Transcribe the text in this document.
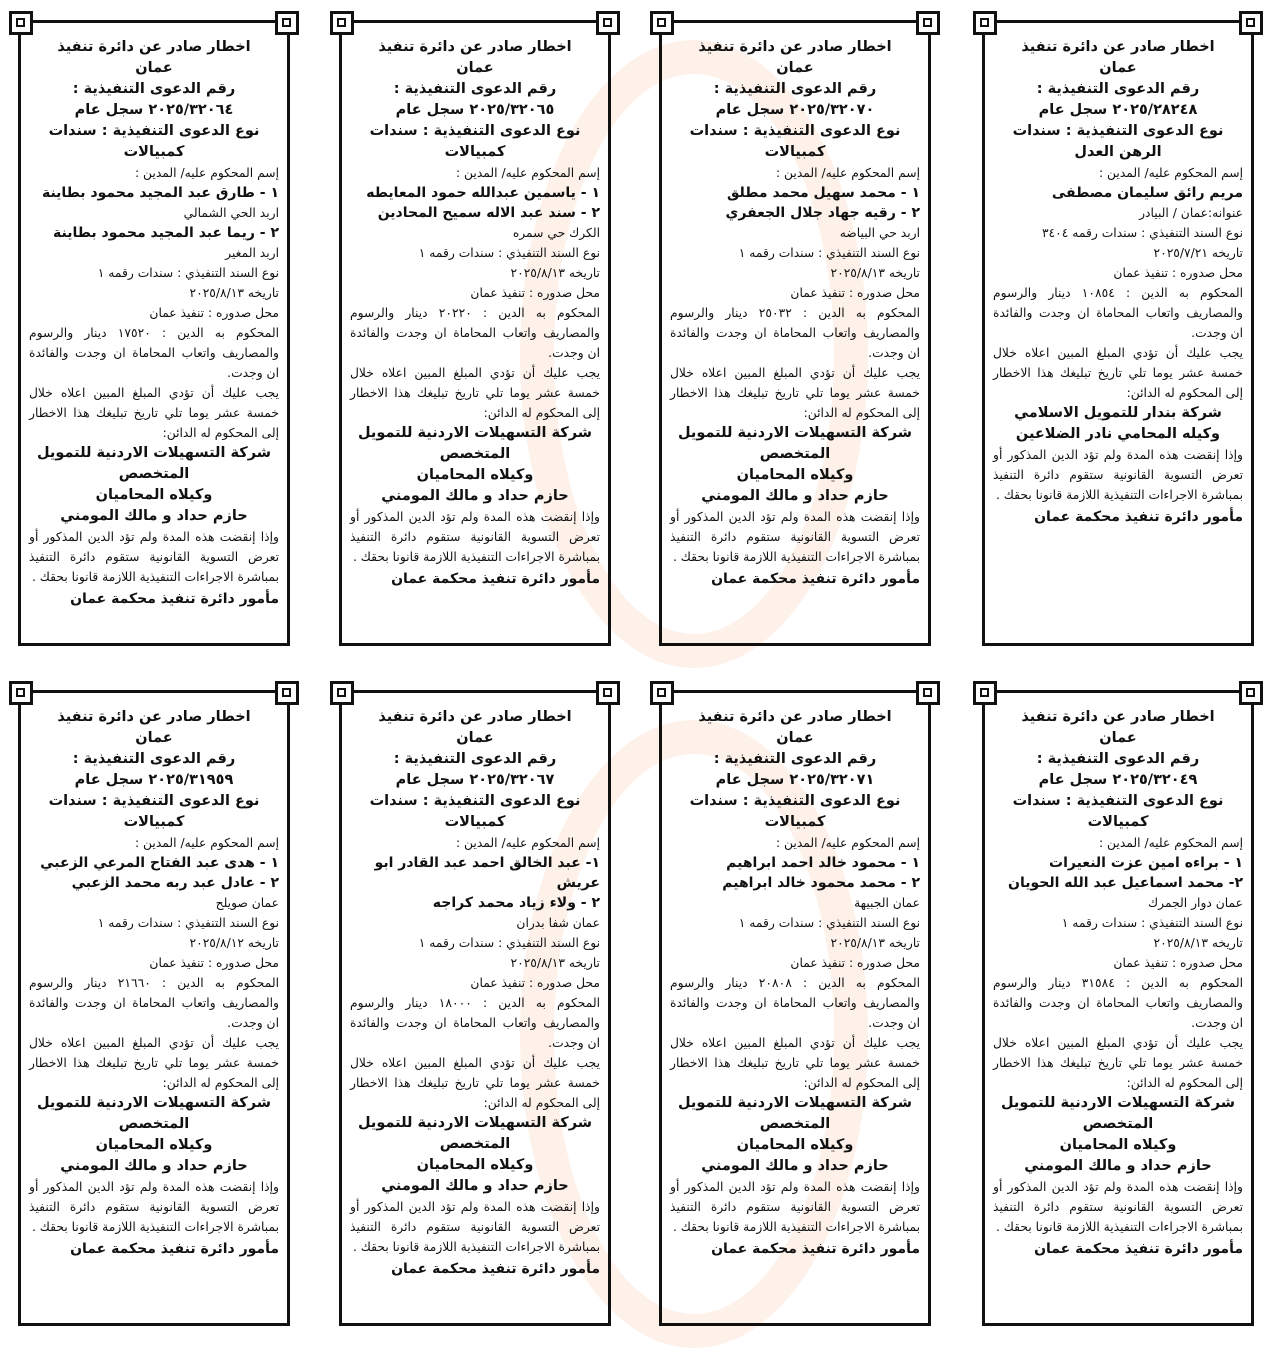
اخطار صادر عن دائرة تنفيذ
عمان
رقم الدعوى التنفيذية :
٢٠٢٥/٢٨٢٤٨ سجل عام
نوع الدعوى التنفيذية : سندات الرهن العدل
إسم المحكوم عليه/ المدين :
مريم رائق سليمان مصطفى
عنوانه:عمان / البيادر
نوع السند التنفيذي : سندات رقمه ٣٤٠٤
تاريخه ٢٠٢٥/٧/٢١
محل صدوره : تنفيذ عمان
المحكوم به الدين : ١٠٨٥٤ دينار والرسوم والمصاريف واتعاب المحاماة ان وجدت والفائدة ان وجدت.
يجب عليك أن تؤدي المبلغ المبين اعلاه خلال خمسة عشر يوما تلي تاريخ تبليغك هذا الاخطار إلى المحكوم له الدائن:
شركة بندار للتمويل الاسلامي
وكيله المحامي نادر الضلاعين
وإذا إنقضت هذه المدة ولم تؤد الدين المذكور أو تعرض التسوية القانونية ستقوم دائرة التنفيذ بمباشرة الاجراءات التنفيذية اللازمة قانونا بحقك .
مأمور دائرة تنفيذ محكمة عمان
اخطار صادر عن دائرة تنفيذ
عمان
رقم الدعوى التنفيذية :
٢٠٢٥/٣٢٠٧٠ سجل عام
نوع الدعوى التنفيذية : سندات كمبيالات
إسم المحكوم عليه/ المدين :
١ - محمد سهيل محمد مطلق
٢ - رقيه جهاد جلال الجعفري
اربد حي البياضه
نوع السند التنفيذي : سندات رقمه ١
تاريخه ٢٠٢٥/٨/١٣
محل صدوره : تنفيذ عمان
المحكوم به الدين : ٢٥٠٣٢ دينار والرسوم والمصاريف واتعاب المحاماة ان وجدت والفائدة ان وجدت.
يجب عليك أن تؤدي المبلغ المبين اعلاه خلال خمسة عشر يوما تلي تاريخ تبليغك هذا الاخطار إلى المحكوم له الدائن:
شركة التسهيلات الاردنية للتمويل المتخصص
وكيلاه المحاميان
حازم حداد و مالك المومني
وإذا إنقضت هذه المدة ولم تؤد الدين المذكور أو تعرض التسوية القانونية ستقوم دائرة التنفيذ بمباشرة الاجراءات التنفيذية اللازمة قانونا بحقك .
مأمور دائرة تنفيذ محكمة عمان
اخطار صادر عن دائرة تنفيذ
عمان
رقم الدعوى التنفيذية :
٢٠٢٥/٣٢٠٦٥ سجل عام
نوع الدعوى التنفيذية : سندات كمبيالات
إسم المحكوم عليه/ المدين :
١ - ياسمين عبدالله حمود المعايطه
٢ - سند عبد الاله سميح المحادين
الكرك حي سمره
نوع السند التنفيذي : سندات رقمه ١
تاريخه ٢٠٢٥/٨/١٣
محل صدوره : تنفيذ عمان
المحكوم به الدين : ٢٠٢٢٠ دينار والرسوم والمصاريف واتعاب المحاماة ان وجدت والفائدة ان وجدت.
يجب عليك أن تؤدي المبلغ المبين اعلاه خلال خمسة عشر يوما تلي تاريخ تبليغك هذا الاخطار إلى المحكوم له الدائن:
شركة التسهيلات الاردنية للتمويل المتخصص
وكيلاه المحاميان
حازم حداد و مالك المومني
وإذا إنقضت هذه المدة ولم تؤد الدين المذكور أو تعرض التسوية القانونية ستقوم دائرة التنفيذ بمباشرة الاجراءات التنفيذية اللازمة قانونا بحقك .
مأمور دائرة تنفيذ محكمة عمان
اخطار صادر عن دائرة تنفيذ
عمان
رقم الدعوى التنفيذية :
٢٠٢٥/٣٢٠٦٤ سجل عام
نوع الدعوى التنفيذية : سندات كمبيالات
إسم المحكوم عليه/ المدين :
١ - طارق عبد المجيد محمود بطاينة
اربد الحي الشمالي
٢ - ريما عبد المجيد محمود بطاينة
اربد المغير
نوع السند التنفيذي : سندات رقمه ١
تاريخه ٢٠٢٥/٨/١٣
محل صدوره : تنفيذ عمان
المحكوم به الدين : ١٧٥٢٠ دينار والرسوم والمصاريف واتعاب المحاماة ان وجدت والفائدة ان وجدت.
يجب عليك أن تؤدي المبلغ المبين اعلاه خلال خمسة عشر يوما تلي تاريخ تبليغك هذا الاخطار إلى المحكوم له الدائن:
شركة التسهيلات الاردنية للتمويل المتخصص
وكيلاه المحاميان
حازم حداد و مالك المومني
وإذا إنقضت هذه المدة ولم تؤد الدين المذكور أو تعرض التسوية القانونية ستقوم دائرة التنفيذ بمباشرة الاجراءات التنفيذية اللازمة قانونا بحقك .
مأمور دائرة تنفيذ محكمة عمان
اخطار صادر عن دائرة تنفيذ
عمان
رقم الدعوى التنفيذية :
٢٠٢٥/٣٢٠٤٩ سجل عام
نوع الدعوى التنفيذية : سندات كمبيالات
إسم المحكوم عليه/ المدين :
١ - براءه امين عزت النعيرات
٢- محمد اسماعيل عبد الله الحويان
عمان دوار الجمرك
نوع السند التنفيذي : سندات رقمه ١
تاريخه ٢٠٢٥/٨/١٣
محل صدوره : تنفيذ عمان
المحكوم به الدين : ٣١٥٨٤ دينار والرسوم والمصاريف واتعاب المحاماة ان وجدت والفائدة ان وجدت.
يجب عليك أن تؤدي المبلغ المبين اعلاه خلال خمسة عشر يوما تلي تاريخ تبليغك هذا الاخطار إلى المحكوم له الدائن:
شركة التسهيلات الاردنية للتمويل المتخصص
وكيلاه المحاميان
حازم حداد و مالك المومني
وإذا إنقضت هذه المدة ولم تؤد الدين المذكور أو تعرض التسوية القانونية ستقوم دائرة التنفيذ بمباشرة الاجراءات التنفيذية اللازمة قانونا بحقك .
مأمور دائرة تنفيذ محكمة عمان
اخطار صادر عن دائرة تنفيذ
عمان
رقم الدعوى التنفيذية :
٢٠٢٥/٣٢٠٧١ سجل عام
نوع الدعوى التنفيذية : سندات كمبيالات
إسم المحكوم عليه/ المدين :
١ - محمود خالد احمد ابراهيم
٢ - محمد محمود خالد ابراهيم
عمان الجبيهة
نوع السند التنفيذي : سندات رقمه ١
تاريخه ٢٠٢٥/٨/١٣
محل صدوره : تنفيذ عمان
المحكوم به الدين : ٢٠٨٠٨ دينار والرسوم والمصاريف واتعاب المحاماة ان وجدت والفائدة ان وجدت.
يجب عليك أن تؤدي المبلغ المبين اعلاه خلال خمسة عشر يوما تلي تاريخ تبليغك هذا الاخطار إلى المحكوم له الدائن:
شركة التسهيلات الاردنية للتمويل المتخصص
وكيلاه المحاميان
حازم حداد و مالك المومني
وإذا إنقضت هذه المدة ولم تؤد الدين المذكور أو تعرض التسوية القانونية ستقوم دائرة التنفيذ بمباشرة الاجراءات التنفيذية اللازمة قانونا بحقك .
مأمور دائرة تنفيذ محكمة عمان
اخطار صادر عن دائرة تنفيذ
عمان
رقم الدعوى التنفيذية :
٢٠٢٥/٣٢٠٦٧ سجل عام
نوع الدعوى التنفيذية : سندات كمبيالات
إسم المحكوم عليه/ المدين :
١- عبد الخالق احمد عبد القادر ابو عريش
٢ - ولاء زياد محمد كراجه
عمان شفا بدران
نوع السند التنفيذي : سندات رقمه ١
تاريخه ٢٠٢٥/٨/١٣
محل صدوره : تنفيذ عمان
المحكوم به الدين : ١٨٠٠٠ دينار والرسوم والمصاريف واتعاب المحاماة ان وجدت والفائدة ان وجدت.
يجب عليك أن تؤدي المبلغ المبين اعلاه خلال خمسة عشر يوما تلي تاريخ تبليغك هذا الاخطار إلى المحكوم له الدائن:
شركة التسهيلات الاردنية للتمويل المتخصص
وكيلاه المحاميان
حازم حداد و مالك المومني
وإذا إنقضت هذه المدة ولم تؤد الدين المذكور أو تعرض التسوية القانونية ستقوم دائرة التنفيذ بمباشرة الاجراءات التنفيذية اللازمة قانونا بحقك .
مأمور دائرة تنفيذ محكمة عمان
اخطار صادر عن دائرة تنفيذ
عمان
رقم الدعوى التنفيذية :
٢٠٢٥/٣١٩٥٩ سجل عام
نوع الدعوى التنفيذية : سندات كمبيالات
إسم المحكوم عليه/ المدين :
١ - هدى عبد الفتاح المرعي الزعبي
٢ - عادل عبد ربه محمد الزعبي
عمان صويلح
نوع السند التنفيذي : سندات رقمه ١
تاريخه ٢٠٢٥/٨/١٢
محل صدوره : تنفيذ عمان
المحكوم به الدين : ٢١٦٦٠ دينار والرسوم والمصاريف واتعاب المحاماة ان وجدت والفائدة ان وجدت.
يجب عليك أن تؤدي المبلغ المبين اعلاه خلال خمسة عشر يوما تلي تاريخ تبليغك هذا الاخطار إلى المحكوم له الدائن:
شركة التسهيلات الاردنية للتمويل المتخصص
وكيلاه المحاميان
حازم حداد و مالك المومني
وإذا إنقضت هذه المدة ولم تؤد الدين المذكور أو تعرض التسوية القانونية ستقوم دائرة التنفيذ بمباشرة الاجراءات التنفيذية اللازمة قانونا بحقك .
مأمور دائرة تنفيذ محكمة عمان
